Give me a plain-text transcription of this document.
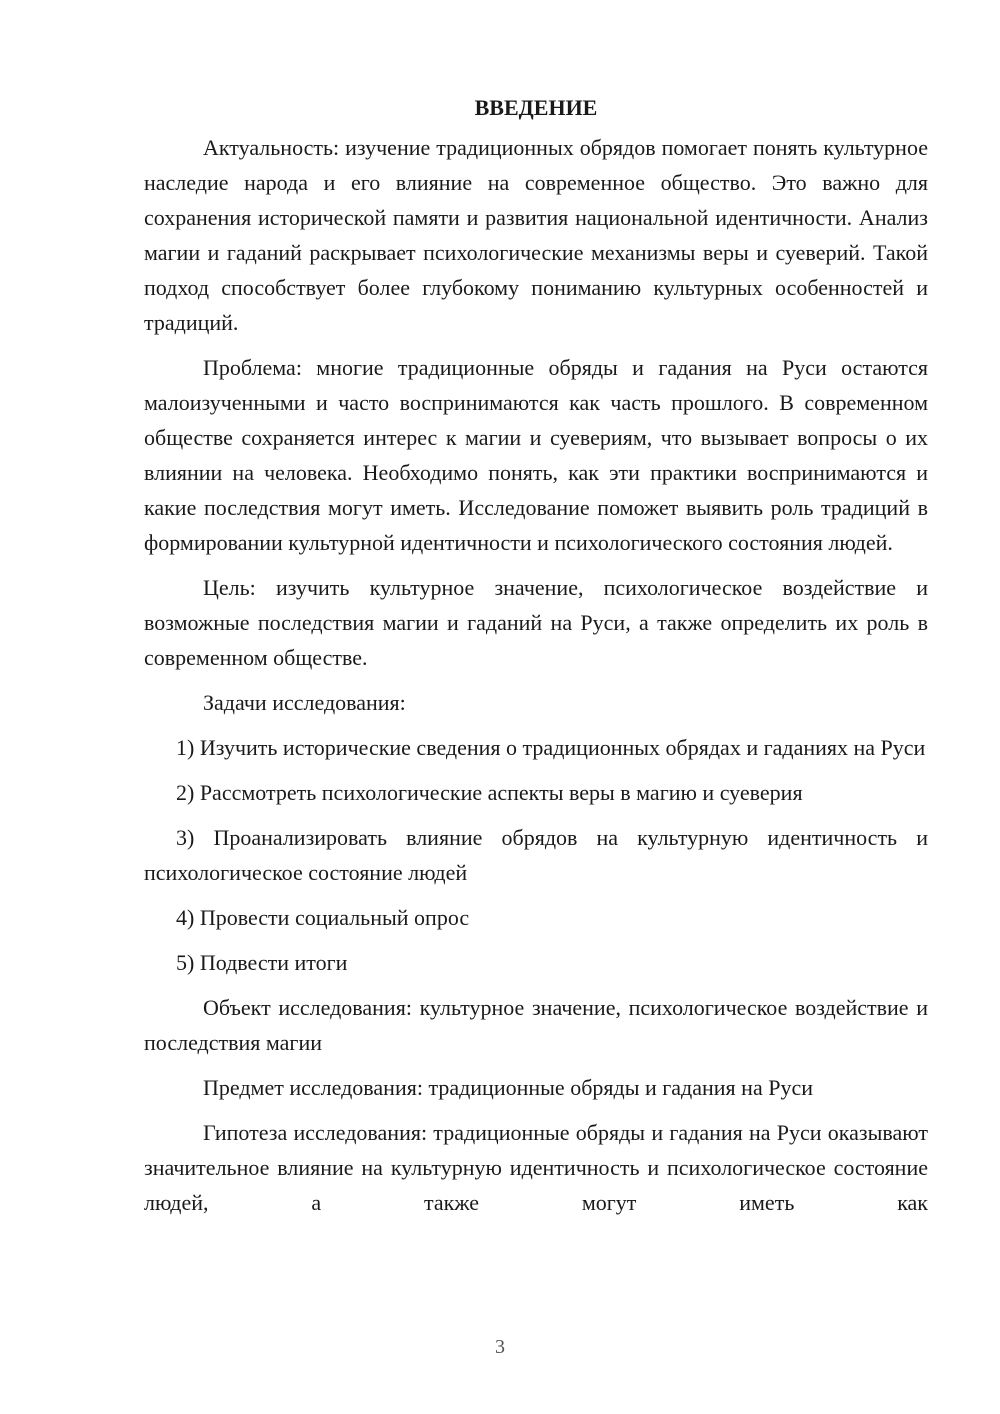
ВВЕДЕНИЕ

Актуальность: изучение традиционных обрядов помогает понять культурное наследие народа и его влияние на современное общество. Это важно для сохранения исторической памяти и развития национальной идентичности. Анализ магии и гаданий раскрывает психологические механизмы веры и суеверий. Такой подход способствует более глубокому пониманию культурных особенностей и традиций.

Проблема: многие традиционные обряды и гадания на Руси остаются малоизученными и часто воспринимаются как часть прошлого. В современном обществе сохраняется интерес к магии и суевериям, что вызывает вопросы о их влиянии на человека. Необходимо понять, как эти практики воспринимаются и какие последствия могут иметь. Исследование поможет выявить роль традиций в формировании культурной идентичности и психологического состояния людей.

Цель: изучить культурное значение, психологическое воздействие и возможные последствия магии и гаданий на Руси, а также определить их роль в современном обществе.

Задачи исследования:

1) Изучить исторические сведения о традиционных обрядах и гаданиях на Руси

2) Рассмотреть психологические аспекты веры в магию и суеверия

3) Проанализировать влияние обрядов на культурную идентичность и психологическое состояние людей

4) Провести социальный опрос

5) Подвести итоги

Объект исследования: культурное значение, психологическое воздействие и последствия магии

Предмет исследования: традиционные обряды и гадания на Руси

Гипотеза исследования: традиционные обряды и гадания на Руси оказывают значительное влияние на культурную идентичность и психологическое состояние людей, а также могут иметь как

3
